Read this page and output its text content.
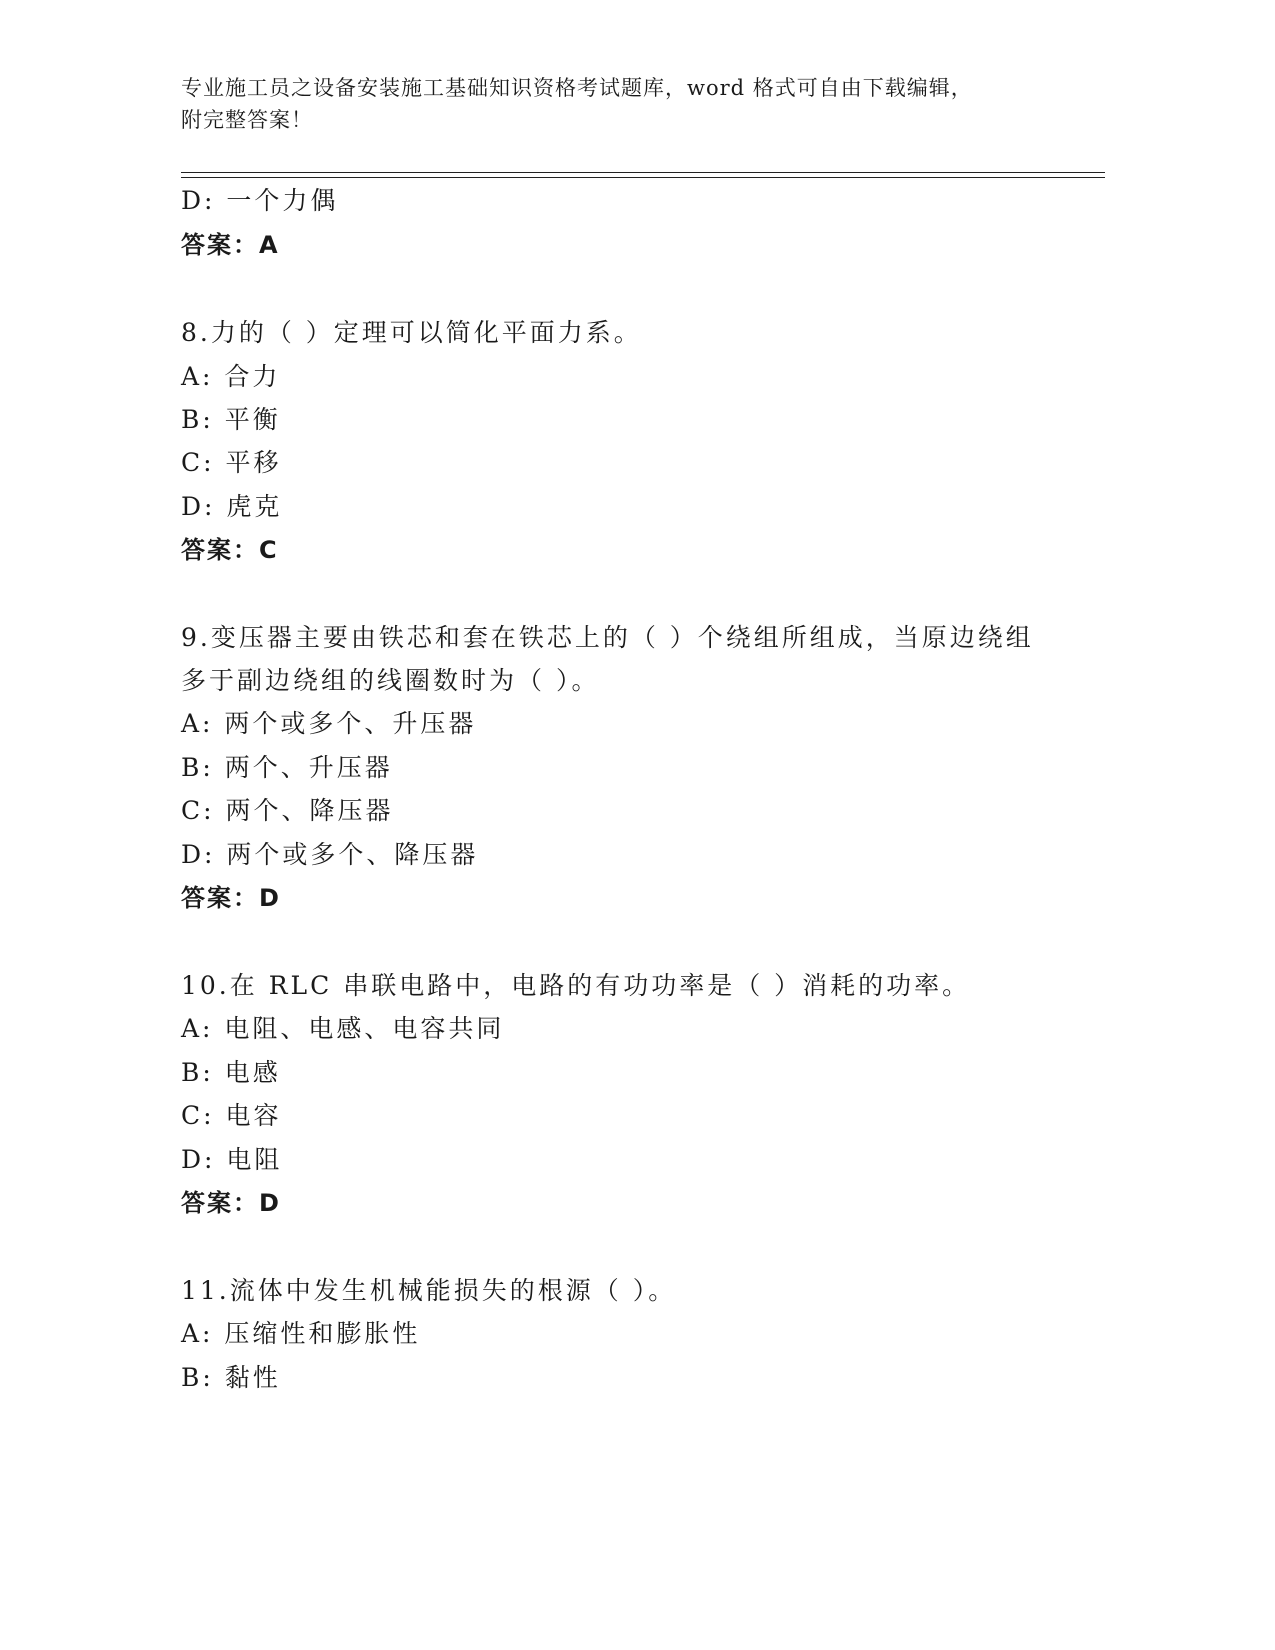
专业施工员之设备安装施工基础知识资格考试题库，word 格式可自由下载编辑，
附完整答案！
D: 一个力偶
答案：A
8.力的（ ）定理可以简化平面力系。
A: 合力
B: 平衡
C: 平移
D: 虎克
答案：C
9.变压器主要由铁芯和套在铁芯上的（ ）个绕组所组成，当原边绕组
多于副边绕组的线圈数时为（ ）。
A: 两个或多个、升压器
B: 两个、升压器
C: 两个、降压器
D: 两个或多个、降压器
答案：D
10.在 RLC 串联电路中，电路的有功功率是（ ）消耗的功率。
A: 电阻、电感、电容共同
B: 电感
C: 电容
D: 电阻
答案：D
11.流体中发生机械能损失的根源（ ）。
A: 压缩性和膨胀性
B: 黏性
